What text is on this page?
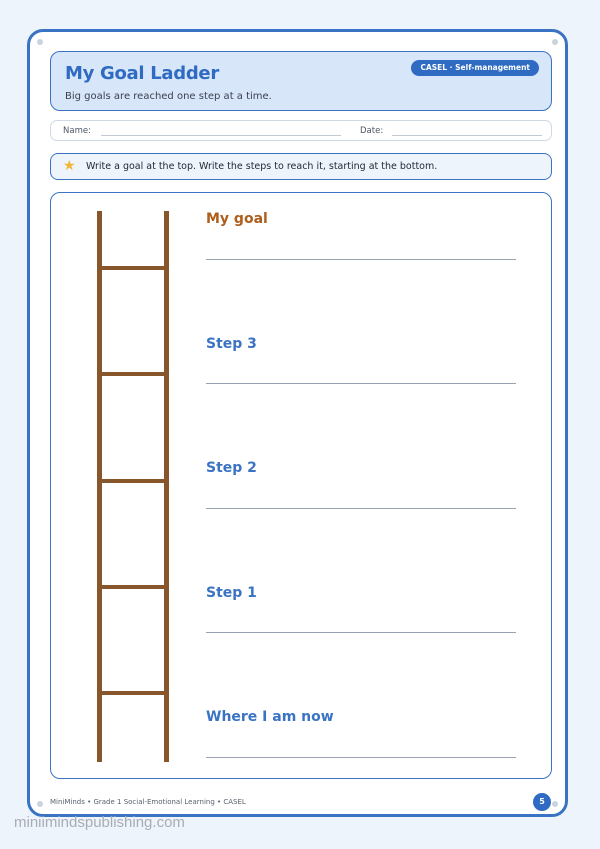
My Goal Ladder
Big goals are reached one step at a time.
CASEL · Self-management
Name:	Date:
★ Write a goal at the top. Write the steps to reach it, starting at the bottom.
My goal
Step 3
Step 2
Step 1
Where I am now
MiniMinds • Grade 1 Social-Emotional Learning • CASEL	5
miniimindspublishing.com
